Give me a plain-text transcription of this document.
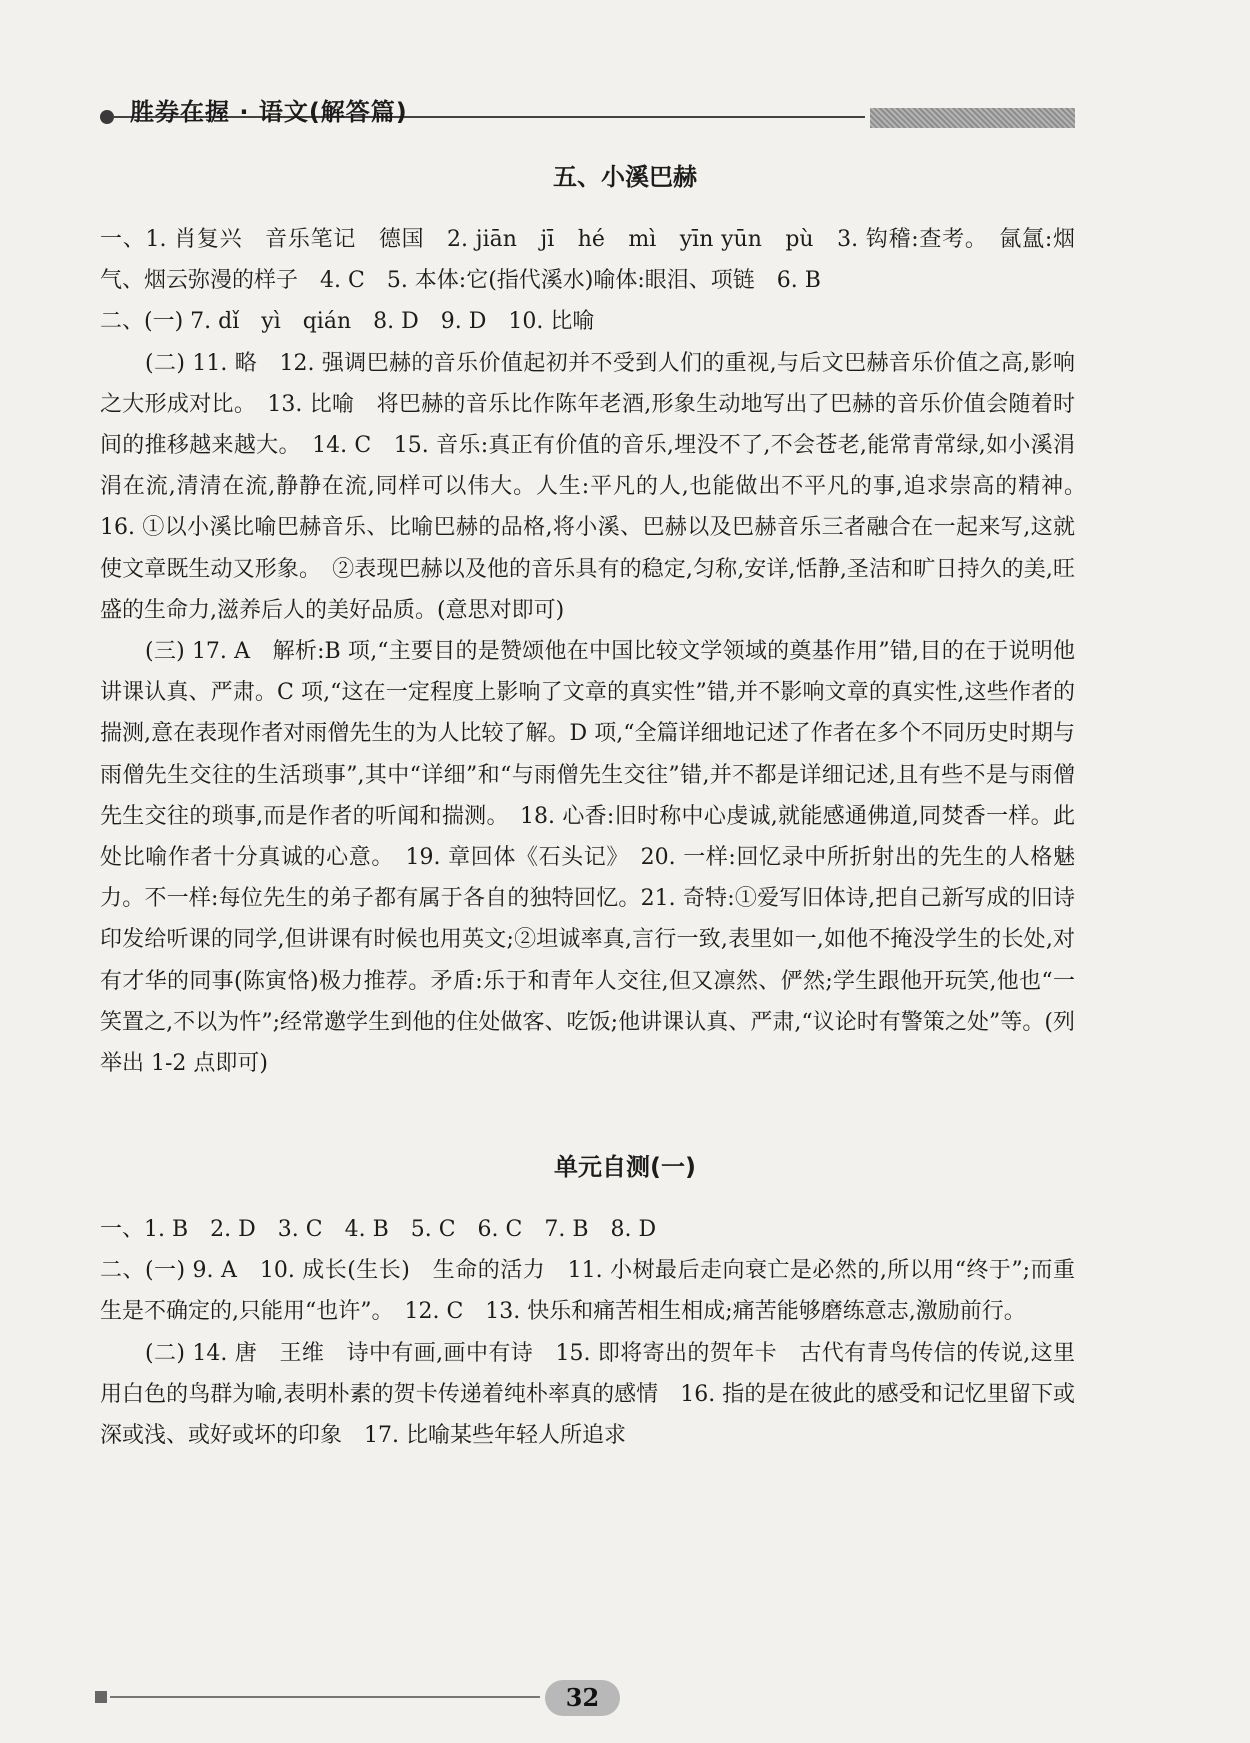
胜券在握 · 语文(解答篇)
五、小溪巴赫

一、1. 肖复兴　音乐笔记　德国　2. jiān　jī　hé　mì　yīn yūn　pù　3. 钩稽:查考。　氤氲:烟气、烟云弥漫的样子　4. C　5. 本体:它(指代溪水)喻体:眼泪、项链　6. B

二、(一) 7. dǐ　yì　qián　8. D　9. D　10. 比喻

(二) 11. 略　12. 强调巴赫的音乐价值起初并不受到人们的重视,与后文巴赫音乐价值之高,影响之大形成对比。　13. 比喻　将巴赫的音乐比作陈年老酒,形象生动地写出了巴赫的音乐价值会随着时间的推移越来越大。　14. C　15. 音乐:真正有价值的音乐,埋没不了,不会苍老,能常青常绿,如小溪涓涓在流,清清在流,静静在流,同样可以伟大。人生:平凡的人,也能做出不平凡的事,追求崇高的精神。　16. ①以小溪比喻巴赫音乐、比喻巴赫的品格,将小溪、巴赫以及巴赫音乐三者融合在一起来写,这就使文章既生动又形象。　②表现巴赫以及他的音乐具有的稳定,匀称,安详,恬静,圣洁和旷日持久的美,旺盛的生命力,滋养后人的美好品质。(意思对即可)

(三) 17. A　解析:B 项,“主要目的是赞颂他在中国比较文学领域的奠基作用”错,目的在于说明他讲课认真、严肃。C 项,“这在一定程度上影响了文章的真实性”错,并不影响文章的真实性,这些作者的揣测,意在表现作者对雨僧先生的为人比较了解。D 项,“全篇详细地记述了作者在多个不同历史时期与雨僧先生交往的生活琐事”,其中“详细”和“与雨僧先生交往”错,并不都是详细记述,且有些不是与雨僧先生交往的琐事,而是作者的听闻和揣测。　18. 心香:旧时称中心虔诚,就能感通佛道,同焚香一样。此处比喻作者十分真诚的心意。　19. 章回体《石头记》　20. 一样:回忆录中所折射出的先生的人格魅力。不一样:每位先生的弟子都有属于各自的独特回忆。21. 奇特:①爱写旧体诗,把自己新写成的旧诗印发给听课的同学,但讲课有时候也用英文;②坦诚率真,言行一致,表里如一,如他不掩没学生的长处,对有才华的同事(陈寅恪)极力推荐。矛盾:乐于和青年人交往,但又凛然、俨然;学生跟他开玩笑,他也“一笑置之,不以为忤”;经常邀学生到他的住处做客、吃饭;他讲课认真、严肃,“议论时有警策之处”等。(列举出 1-2 点即可)

单元自测(一)

一、1. B　2. D　3. C　4. B　5. C　6. C　7. B　8. D

二、(一) 9. A　10. 成长(生长)　生命的活力　11. 小树最后走向衰亡是必然的,所以用“终于”;而重生是不确定的,只能用“也许”。　12. C　13. 快乐和痛苦相生相成;痛苦能够磨练意志,激励前行。

(二) 14. 唐　王维　诗中有画,画中有诗　15. 即将寄出的贺年卡　古代有青鸟传信的传说,这里用白色的鸟群为喻,表明朴素的贺卡传递着纯朴率真的感情　16. 指的是在彼此的感受和记忆里留下或深或浅、或好或坏的印象　17. 比喻某些年轻人所追求

32
